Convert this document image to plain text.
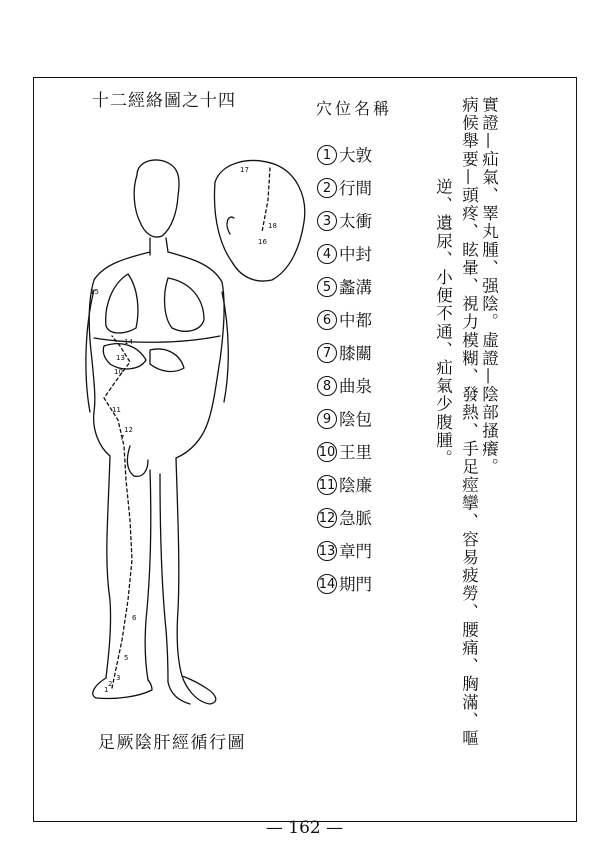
十二經絡圖之十四	穴位名稱
1 大敦
2 行間
3 太衝
4 中封
5 蠡溝
6 中都
7 膝關
8 曲泉
9 陰包
10 王里
11 陰廉
12 急脈
13 章門
14 期門
實證—疝氣、睪丸腫、强陰。虛證—陰部搔癢。
病候舉要—頭疼、眩暈、視力模糊、發熱、手足痙攣、容易疲勞、腰痛、胸滿、嘔
逆、遺尿、小便不通、疝氣少腹腫。
17
15
14
13
12
11
10
7
6
5
3
2
1
16
18
足厥陰肝經循行圖
— 162 —
